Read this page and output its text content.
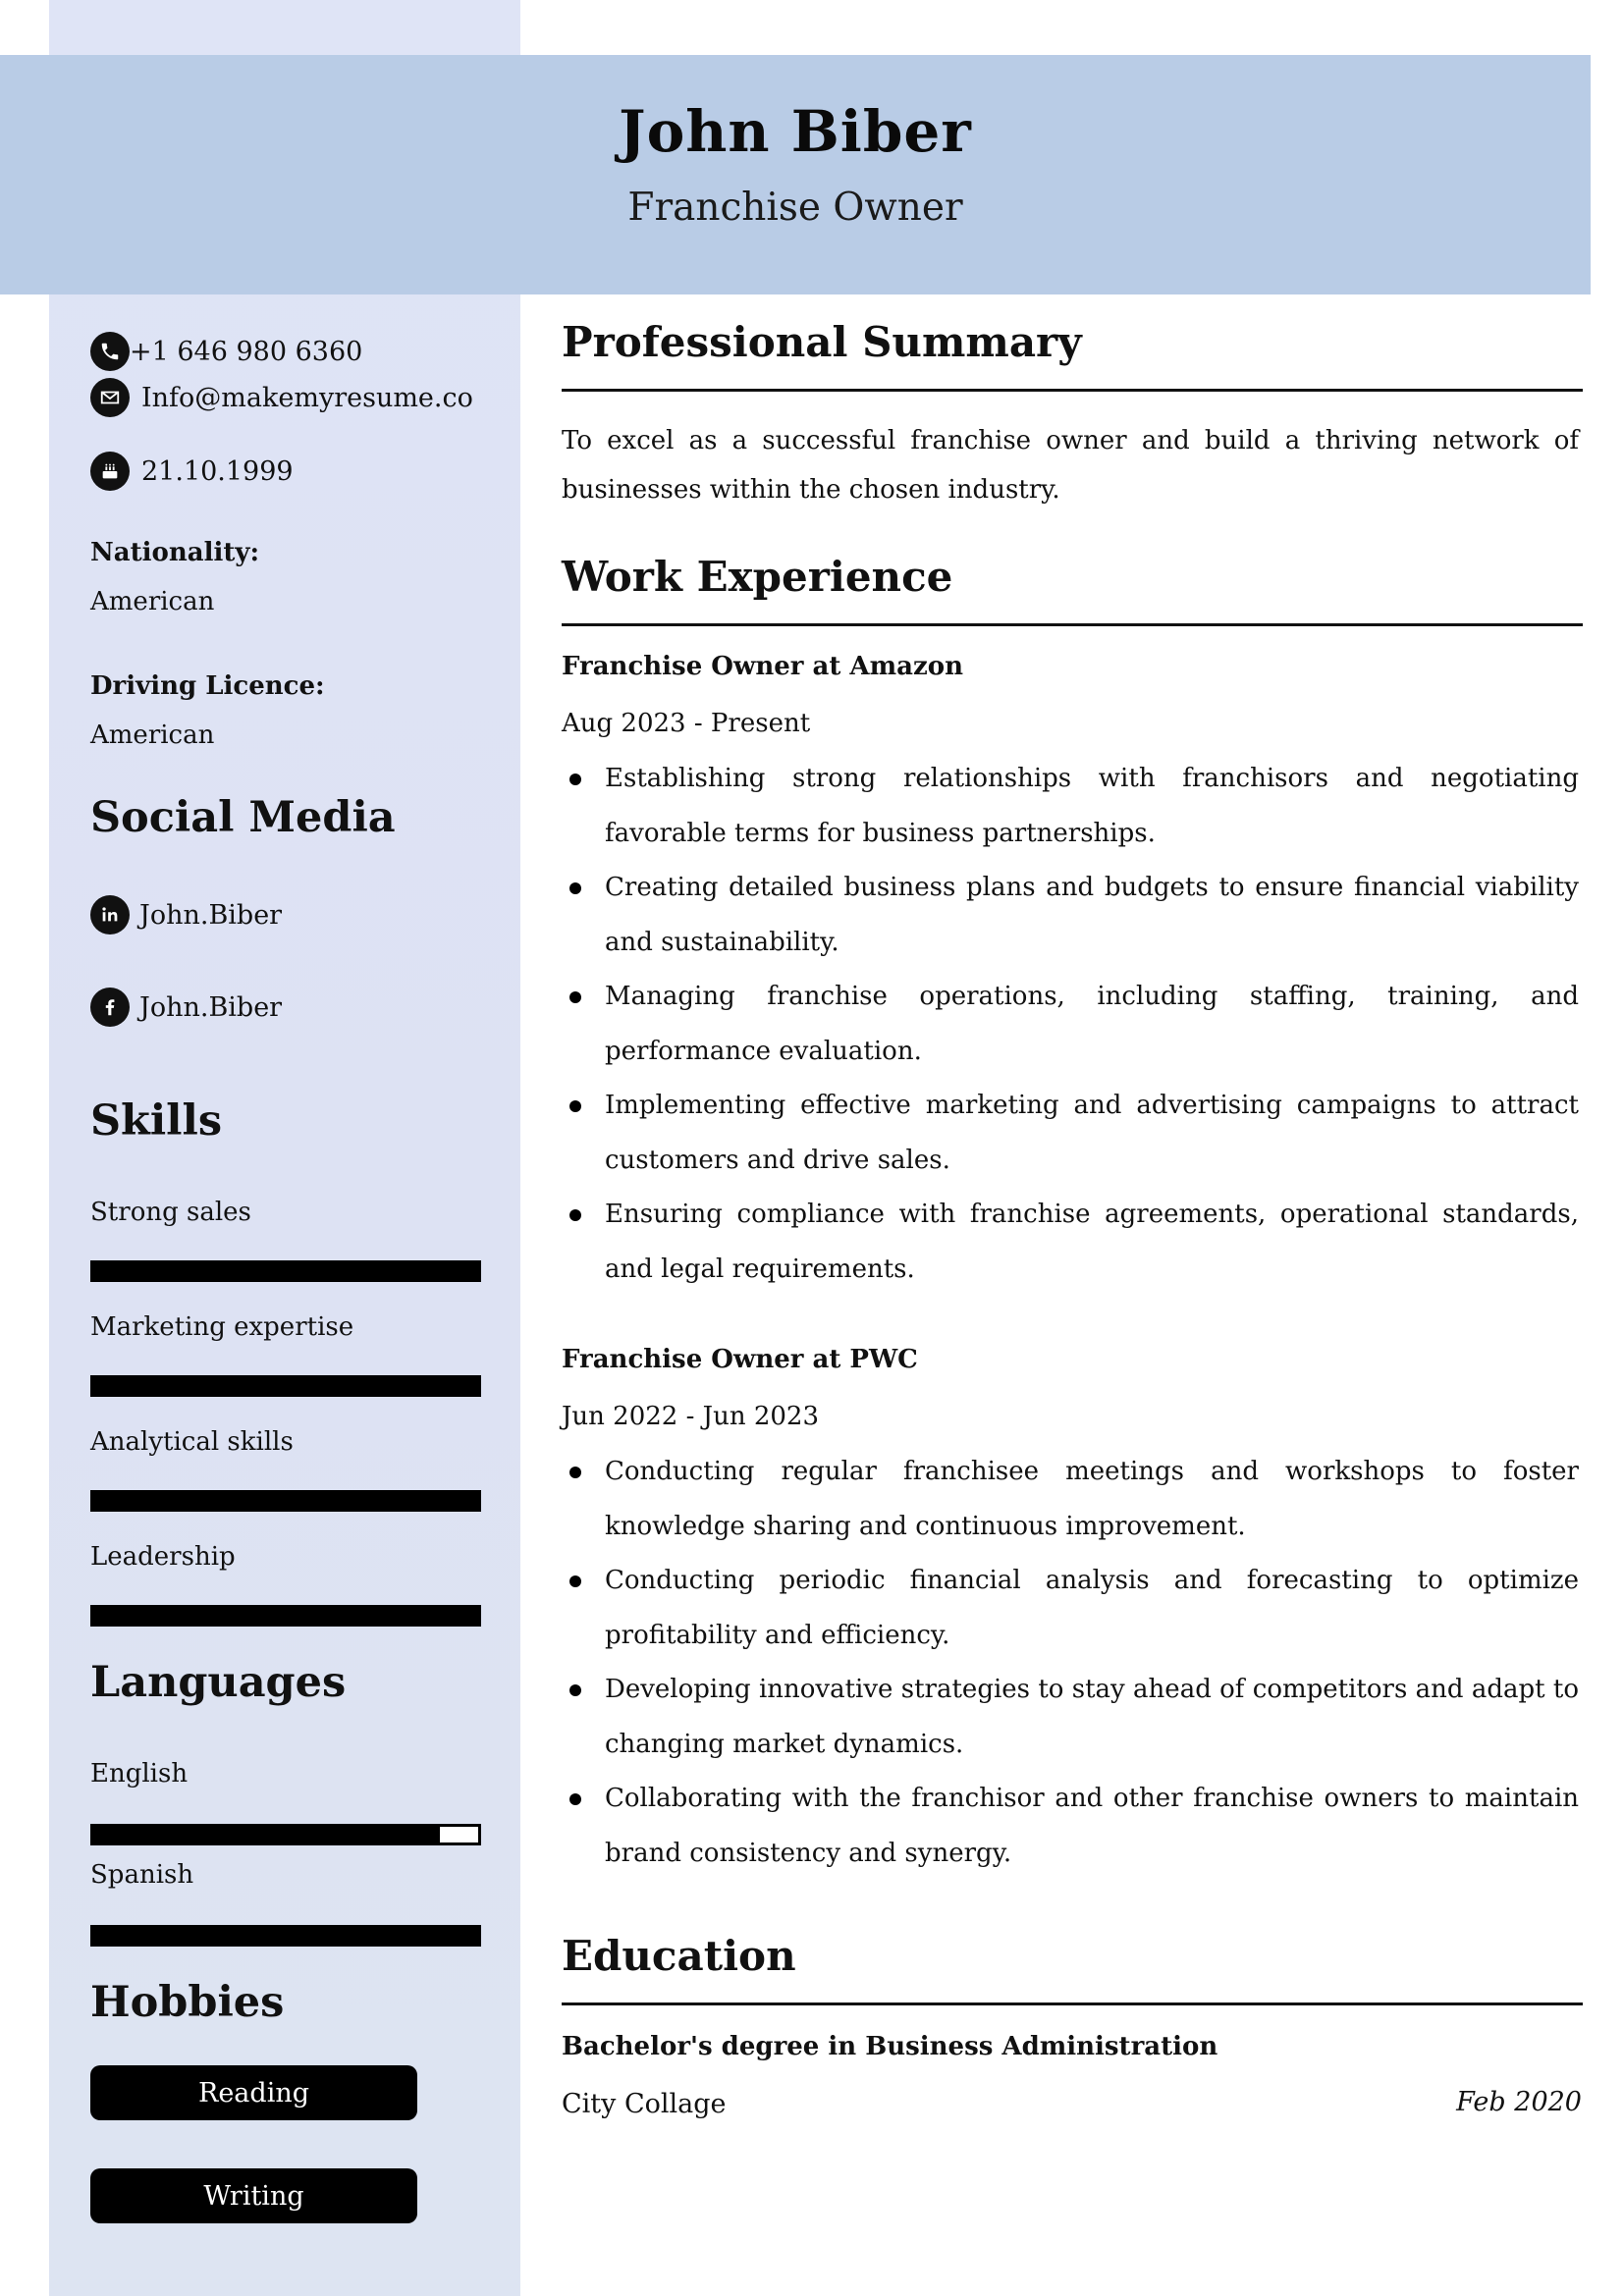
John Biber
Franchise Owner
+1 646 980 6360
Info@makemyresume.co
21.10.1999
Nationality:
American
Driving Licence:
American
Social Media
John.Biber
John.Biber
Skills
Strong sales
Marketing expertise
Analytical skills
Leadership
Languages
English
Spanish
Hobbies
Reading
Writing
Professional Summary
To excel as a successful franchise owner and build a thriving network of businesses within the chosen industry.
Work Experience
Franchise Owner at Amazon
Aug 2023 - Present
Establishing strong relationships with franchisors and negotiating favorable terms for business partnerships.
Creating detailed business plans and budgets to ensure financial viability and sustainability.
Managing franchise operations, including staffing, training, and performance evaluation.
Implementing effective marketing and advertising campaigns to attract customers and drive sales.
Ensuring compliance with franchise agreements, operational standards, and legal requirements.
Franchise Owner at PWC
Jun 2022 - Jun 2023
Conducting regular franchisee meetings and workshops to foster knowledge sharing and continuous improvement.
Conducting periodic financial analysis and forecasting to optimize profitability and efficiency.
Developing innovative strategies to stay ahead of competitors and adapt to changing market dynamics.
Collaborating with the franchisor and other franchise owners to maintain brand consistency and synergy.
Education
Bachelor's degree in Business Administration
City Collage	Feb 2020
